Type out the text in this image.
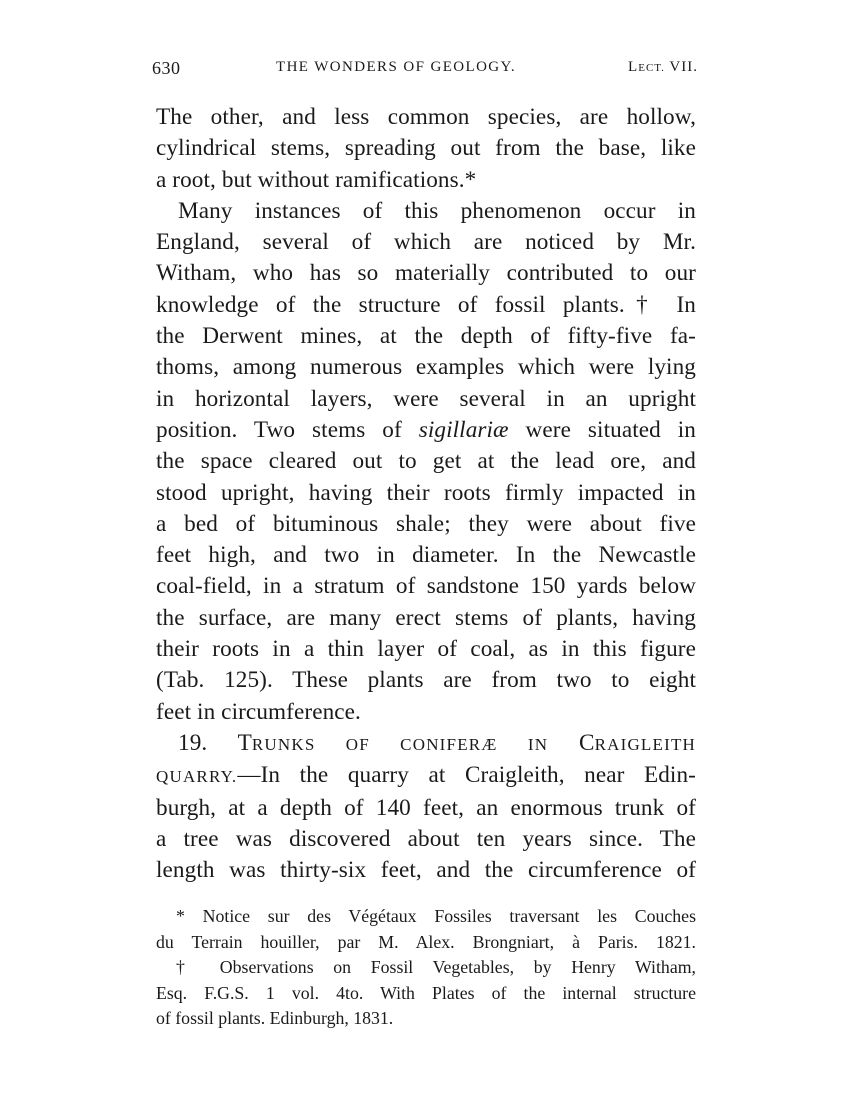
630	THE WONDERS OF GEOLOGY.	LECT. VII.
The other, and less common species, are hollow,
cylindrical stems, spreading out from the base, like
a root, but without ramifications.*
Many instances of this phenomenon occur in
England, several of which are noticed by Mr.
Witham, who has so materially contributed to our
knowledge of the structure of fossil plants.† In
the Derwent mines, at the depth of fifty-five fa-
thoms, among numerous examples which were lying
in horizontal layers, were several in an upright
position. Two stems of sigillariæ were situated in
the space cleared out to get at the lead ore, and
stood upright, having their roots firmly impacted in
a bed of bituminous shale; they were about five
feet high, and two in diameter. In the Newcastle
coal-field, in a stratum of sandstone 150 yards below
the surface, are many erect stems of plants, having
their roots in a thin layer of coal, as in this figure
(Tab. 125). These plants are from two to eight
feet in circumference.
19. TRUNKS OF CONIFERÆ IN CRAIGLEITH
QUARRY.—In the quarry at Craigleith, near Edin-
burgh, at a depth of 140 feet, an enormous trunk of
a tree was discovered about ten years since. The
length was thirty-six feet, and the circumference of
* Notice sur des Végétaux Fossiles traversant les Couches
du Terrain houiller, par M. Alex. Brongniart, à Paris. 1821.
† Observations on Fossil Vegetables, by Henry Witham,
Esq. F.G.S. 1 vol. 4to. With Plates of the internal structure
of fossil plants. Edinburgh, 1831.
